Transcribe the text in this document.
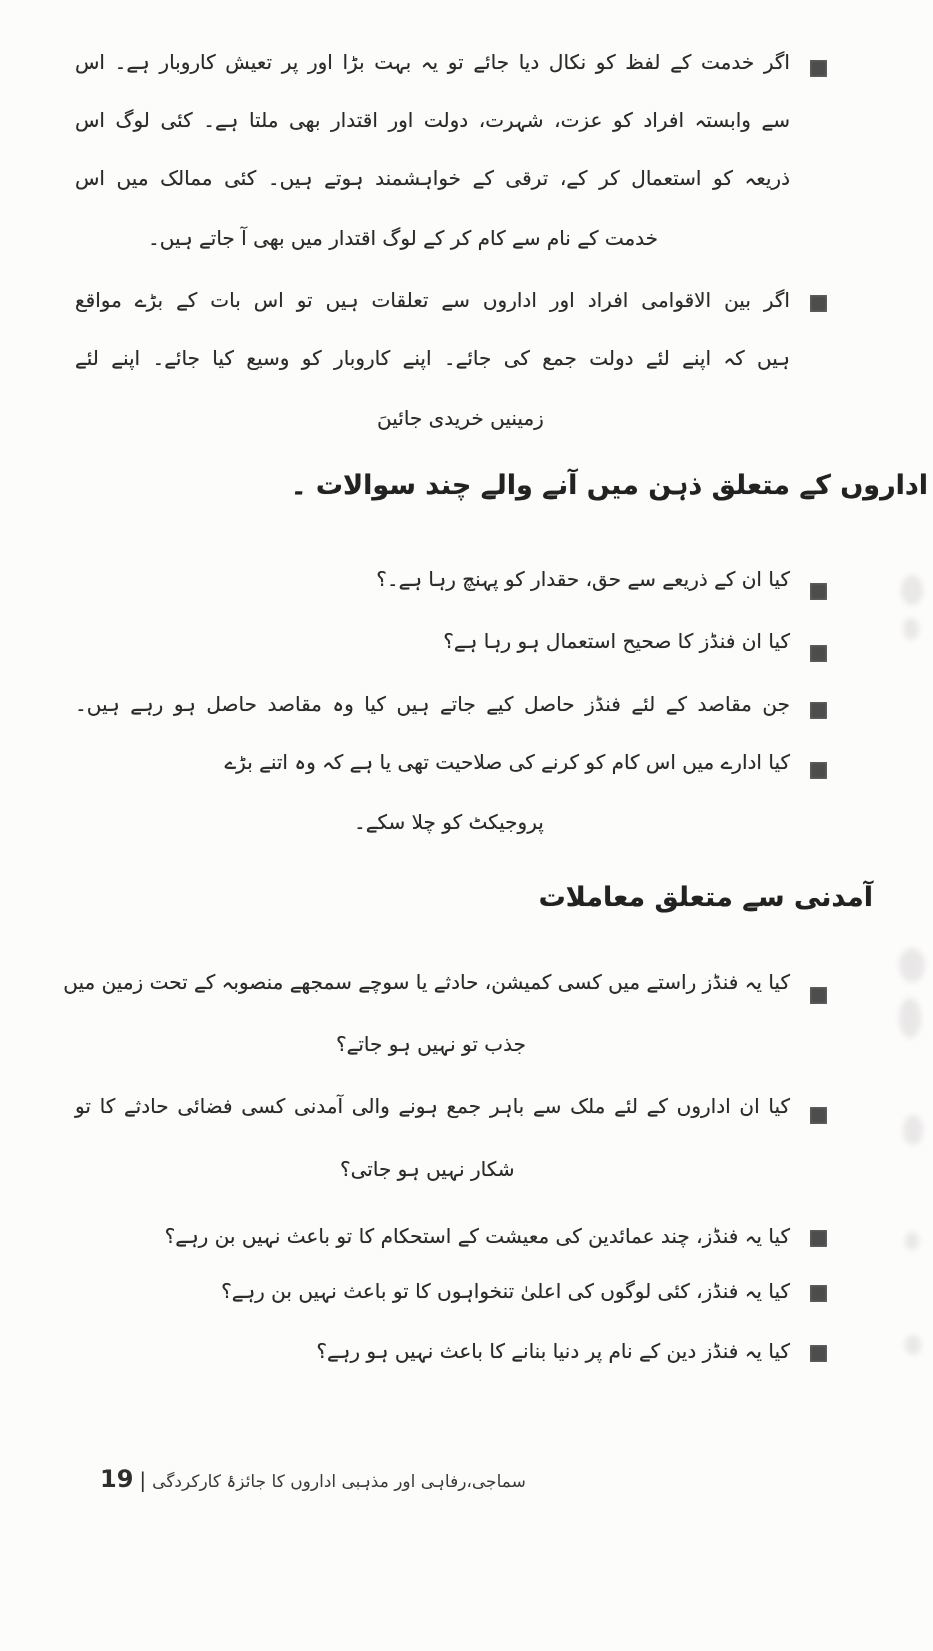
اگر خدمت کے لفظ کو نکال دیا جائے تو یہ بہت بڑا اور پر تعیش کاروبار ہے۔ اس
سے وابستہ افراد کو عزت، شہرت، دولت اور اقتدار بھی ملتا ہے۔ کئی لوگ اس
ذریعہ کو استعمال کر کے، ترقی کے خواہشمند ہوتے ہیں۔ کئی ممالک میں اس
خدمت کے نام سے کام کر کے لوگ اقتدار میں بھی آ جاتے ہیں۔
اگر بین الاقوامی افراد اور اداروں سے تعلقات ہیں تو اس بات کے بڑے مواقع
ہیں کہ اپنے لئے دولت جمع کی جائے۔ اپنے کاروبار کو وسیع کیا جائے۔ اپنے لئے
زمینیں خریدی جائیںَ
اداروں کے متعلق ذہن میں آنے والے چند سوالات ۔
کیا ان کے ذریعے سے حق، حقدار کو پہنچ رہا ہے۔؟
کیا ان فنڈز کا صحیح استعمال ہو رہا ہے؟
جن مقاصد کے لئے فنڈز حاصل کیے جاتے ہیں کیا وہ مقاصد حاصل ہو رہے ہیں۔
کیا ادارے میں اس کام کو کرنے کی صلاحیت تھی یا ہے کہ وہ اتنے بڑے
پروجیکٹ کو چلا سکے۔
آمدنی سے متعلق معاملات
کیا یہ فنڈز راستے میں کسی کمیشن، حادثے یا سوچے سمجھے منصوبہ کے تحت زمین میں
جذب تو نہیں ہو جاتے؟
کیا ان اداروں کے لئے ملک سے باہر جمع ہونے والی آمدنی کسی فضائی حادثے کا تو
شکار نہیں ہو جاتی؟
کیا یہ فنڈز، چند عمائدین کی معیشت کے استحکام کا تو باعث نہیں بن رہے؟
کیا یہ فنڈز، کئی لوگوں کی اعلیٰ تنخواہوں کا تو باعث نہیں بن رہے؟
کیا یہ فنڈز دین کے نام پر دنیا بنانے کا باعث نہیں ہو رہے؟
سماجی،رفاہی اور مذہبی اداروں کا جائزۂ کارکردگی|19
